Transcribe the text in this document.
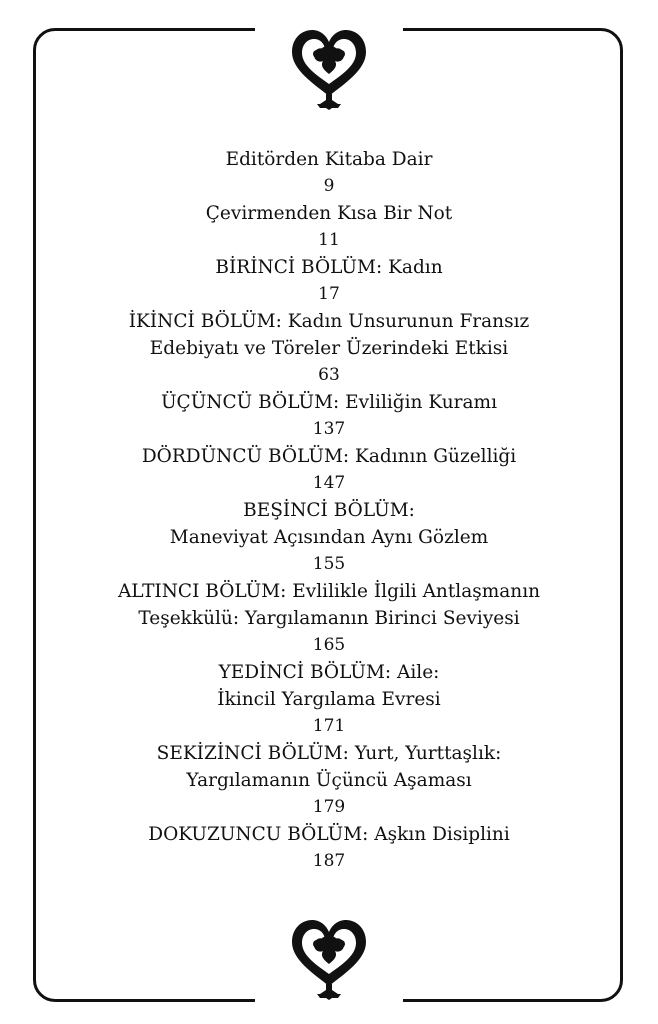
Editörden Kitaba Dair
9
Çevirmenden Kısa Bir Not
11
BİRİNCİ BÖLÜM: Kadın
17
İKİNCİ BÖLÜM: Kadın Unsurunun Fransız
Edebiyatı ve Töreler Üzerindeki Etkisi
63
ÜÇÜNCÜ BÖLÜM: Evliliğin Kuramı
137
DÖRDÜNCÜ BÖLÜM: Kadının Güzelliği
147
BEŞİNCİ BÖLÜM:
Maneviyat Açısından Aynı Gözlem
155
ALTINCI BÖLÜM: Evlilikle İlgili Antlaşmanın
Teşekkülü: Yargılamanın Birinci Seviyesi
165
YEDİNCİ BÖLÜM: Aile:
İkincil Yargılama Evresi
171
SEKİZİNCİ BÖLÜM: Yurt, Yurttaşlık:
Yargılamanın Üçüncü Aşaması
179
DOKUZUNCU BÖLÜM: Aşkın Disiplini
187
